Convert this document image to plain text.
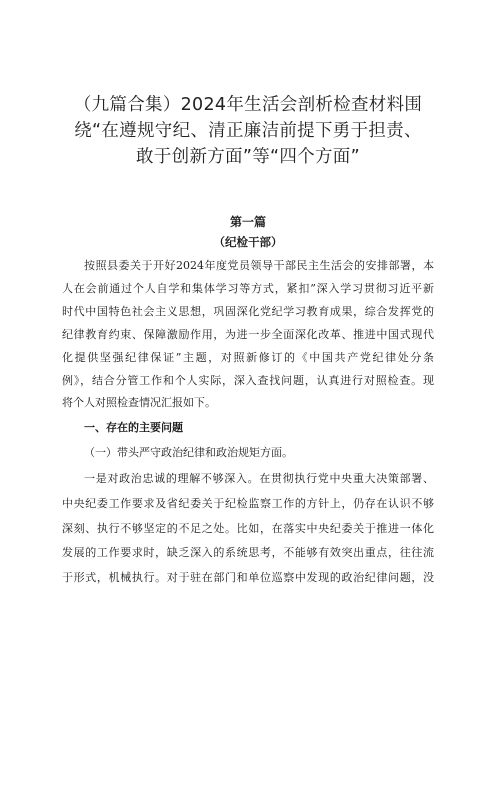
（九篇合集）2024年生活会剖析检查材料围
绕“在遵规守纪、清正廉洁前提下勇于担责、
敢于创新方面”等“四个方面”
第一篇
（纪检干部）
按照县委关于开好2024年度党员领导干部民主生活会的安排部署，本
人在会前通过个人自学和集体学习等方式，紧扣”深入学习贯彻习近平新
时代中国特色社会主义思想，巩固深化党纪学习教育成果，综合发挥党的
纪律教育约束、保障激励作用，为进一步全面深化改革、推进中国式现代
化提供坚强纪律保证”主题，对照新修订的《中国共产党纪律处分条
例》，结合分管工作和个人实际，深入查找问题，认真进行对照检查。现
将个人对照检查情况汇报如下。
一、存在的主要问题
（一）带头严守政治纪律和政治规矩方面。
一是对政治忠诚的理解不够深入。在贯彻执行党中央重大决策部署、
中央纪委工作要求及省纪委关于纪检监察工作的方针上，仍存在认识不够
深刻、执行不够坚定的不足之处。比如，在落实中央纪委关于推进一体化
发展的工作要求时，缺乏深入的系统思考，不能够有效突出重点，往往流
于形式，机械执行。对于驻在部门和单位巡察中发现的政治纪律问题，没
